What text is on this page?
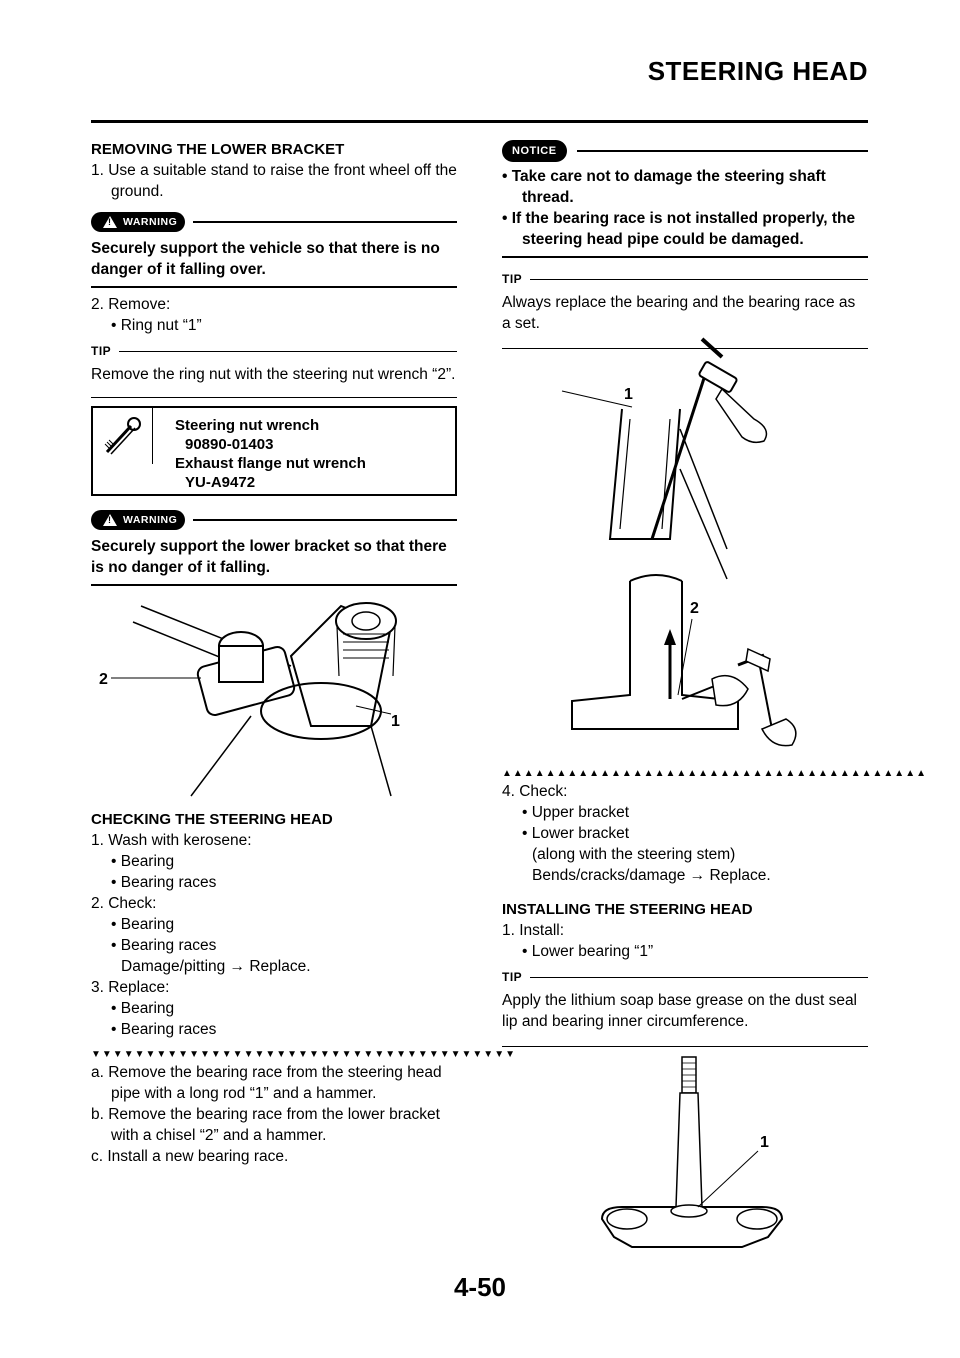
STEERING HEAD
REMOVING THE LOWER BRACKET
1. Use a suitable stand to raise the front wheel off the ground.
!
WARNING
Securely support the vehicle so that there is no danger of it falling over.
2. Remove:
• Ring nut “1”
TIP
Remove the ring nut with the steering nut wrench “2”.
Steering nut wrench
90890-01403
Exhaust flange nut wrench
YU-A9472
!
WARNING
Securely support the lower bracket so that there is no danger of it falling.
2
1
CHECKING THE STEERING HEAD
1. Wash with kerosene:
• Bearing
• Bearing races
2. Check:
• Bearing
• Bearing races
Damage/pitting → Replace.
3. Replace:
• Bearing
• Bearing races
▼▼▼▼▼▼▼▼▼▼▼▼▼▼▼▼▼▼▼▼▼▼▼▼▼▼▼▼▼▼▼▼▼▼▼▼▼▼▼
a. Remove the bearing race from the steering head pipe with a long rod “1” and a hammer.
b. Remove the bearing race from the lower bracket with a chisel “2” and a hammer.
c. Install a new bearing race.
NOTICE
• Take care not to damage the steering shaft thread.
• If the bearing race is not installed properly, the steering head pipe could be damaged.
TIP
Always replace the bearing and the bearing race as a set.
1
2
▲▲▲▲▲▲▲▲▲▲▲▲▲▲▲▲▲▲▲▲▲▲▲▲▲▲▲▲▲▲▲▲▲▲▲▲▲▲▲
4. Check:
• Upper bracket
• Lower bracket
(along with the steering stem)
Bends/cracks/damage → Replace.
INSTALLING THE STEERING HEAD
1. Install:
• Lower bearing “1”
TIP
Apply the lithium soap base grease on the dust seal lip and bearing inner circumference.
1
4-50
